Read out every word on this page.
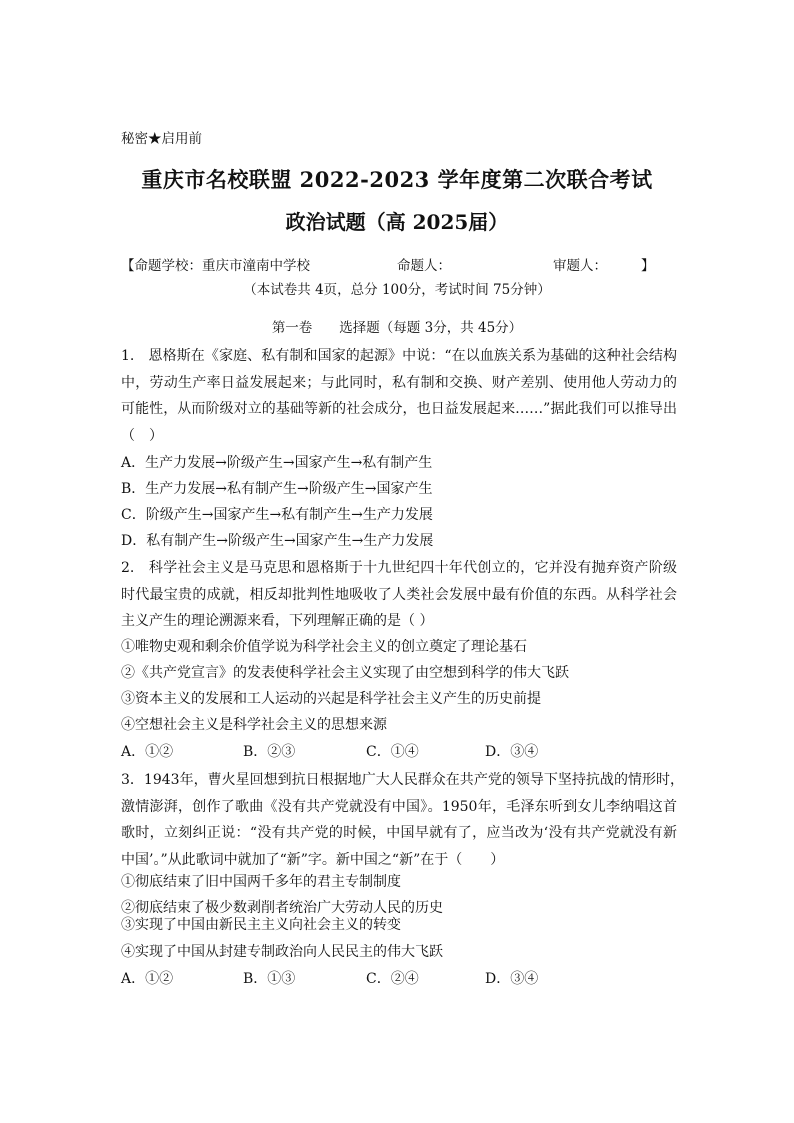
秘密★启用前
重庆市名校联盟 2022-2023 学年度第二次联合考试
政治试题（高 2025届）
【命题学校：重庆市潼南中学校	命题人：	审题人：	】
（本试卷共 4页，总分 100分，考试时间 75分钟）
第一卷　　选择题（每题 3分，共 45分）
1.　恩格斯在《家庭、私有制和国家的起源》中说：“在以血族关系为基础的这种社会结构　中，劳动生产率日益发展起来；与此同时，私有制和交换、财产差别、使用他人劳动力的可能性，从而阶级对立的基础等新的社会成分，也日益发展起来……”据此我们可以推导出 （　）
A．生产力发展→阶级产生→国家产生→私有制产生
B．生产力发展→私有制产生→阶级产生→国家产生
C．阶级产生→国家产生→私有制产生→生产力发展
D．私有制产生→阶级产生→国家产生→生产力发展
2.　科学社会主义是马克思和恩格斯于十九世纪四十年代创立的，它并没有抛弃资产阶级时代最宝贵的成就，相反却批判性地吸收了人类社会发展中最有价值的东西。从科学社会主义产生的理论溯源来看，下列理解正确的是（ ）
①唯物史观和剩余价值学说为科学社会主义的创立奠定了理论基石
②《共产党宣言》的发表使科学社会主义实现了由空想到科学的伟大飞跃
③资本主义的发展和工人运动的兴起是科学社会主义产生的历史前提
④空想社会主义是科学社会主义的思想来源
A．①②	B．②③	C．①④	D．③④
3．1943年，曹火星回想到抗日根据地广大人民群众在共产党的领导下坚持抗战的情形时，　激情澎湃，创作了歌曲《没有共产党就没有中国》。1950年，毛泽东听到女儿李纳唱这首歌时，立刻纠正说：“没有共产党的时候，中国早就有了，应当改为‘没有共产党就没有新中国’。”从此歌词中就加了“新”字。新中国之“新”在于（　　）
①彻底结束了旧中国两千多年的君主专制制度
②彻底结束了极少数剥削者统治广大劳动人民的历史
③实现了中国由新民主主义向社会主义的转变
④实现了中国从封建专制政治向人民民主的伟大飞跃
A．①②	B．①③	C．②④	D．③④
